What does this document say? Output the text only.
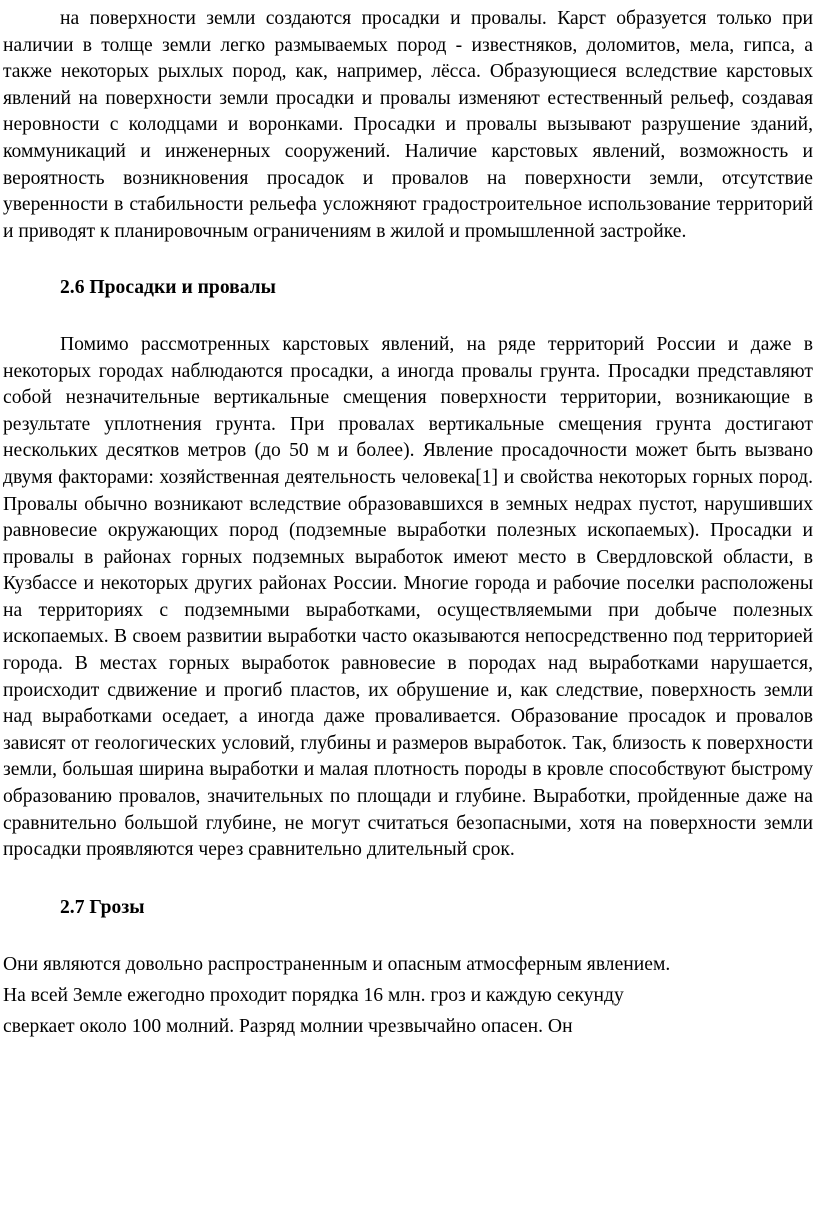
на поверхности земли создаются просадки и провалы. Карст образуется только при наличии в толще земли легко размываемых пород - известняков, доломитов, мела, гипса, а также некоторых рыхлых пород, как, например, лёсса. Образующиеся вследствие карстовых явлений на поверхности земли просадки и провалы изменяют естественный рельеф, создавая неровности с колодцами и воронками. Просадки и провалы вызывают разрушение зданий, коммуникаций и инженерных сооружений. Наличие карстовых явлений, возможность и вероятность возникновения просадок и провалов на поверхности земли, отсутствие уверенности в стабильности рельефа усложняют градостроительное использование территорий и приводят к планировочным ограничениям в жилой и промышленной застройке.

2.6 Просадки и провалы

Помимо рассмотренных карстовых явлений, на ряде территорий России и даже в некоторых городах наблюдаются просадки, а иногда провалы грунта. Просадки представляют собой незначительные вертикальные смещения поверхности территории, возникающие в результате уплотнения грунта. При провалах вертикальные смещения грунта достигают нескольких десятков метров (до 50 м и более). Явление просадочности может быть вызвано двумя факторами: хозяйственная деятельность человека[1] и свойства некоторых горных пород. Провалы обычно возникают вследствие образовавшихся в земных недрах пустот, нарушивших равновесие окружающих пород (подземные выработки полезных ископаемых). Просадки и провалы в районах горных подземных выработок имеют место в Свердловской области, в Кузбассе и некоторых других районах России. Многие города и рабочие поселки расположены на территориях с подземными выработками, осуществляемыми при добыче полезных ископаемых. В своем развитии выработки часто оказываются непосредственно под территорией города. В местах горных выработок равновесие в породах над выработками нарушается, происходит сдвижение и прогиб пластов, их обрушение и, как следствие, поверхность земли над выработками оседает, а иногда даже проваливается. Образование просадок и провалов зависят от геологических условий, глубины и размеров выработок. Так, близость к поверхности земли, большая ширина выработки и малая плотность породы в кровле способствуют быстрому образованию провалов, значительных по площади и глубине. Выработки, пройденные даже на сравнительно большой глубине, не могут считаться безопасными, хотя на поверхности земли просадки проявляются через сравнительно длительный срок.

2.7 Грозы
Они являются довольно распространенным и опасным атмосферным явлением.
На всей Земле ежегодно проходит порядка 16 млн. гроз и каждую секунду
сверкает около 100 молний. Разряд молнии чрезвычайно опасен. Он
